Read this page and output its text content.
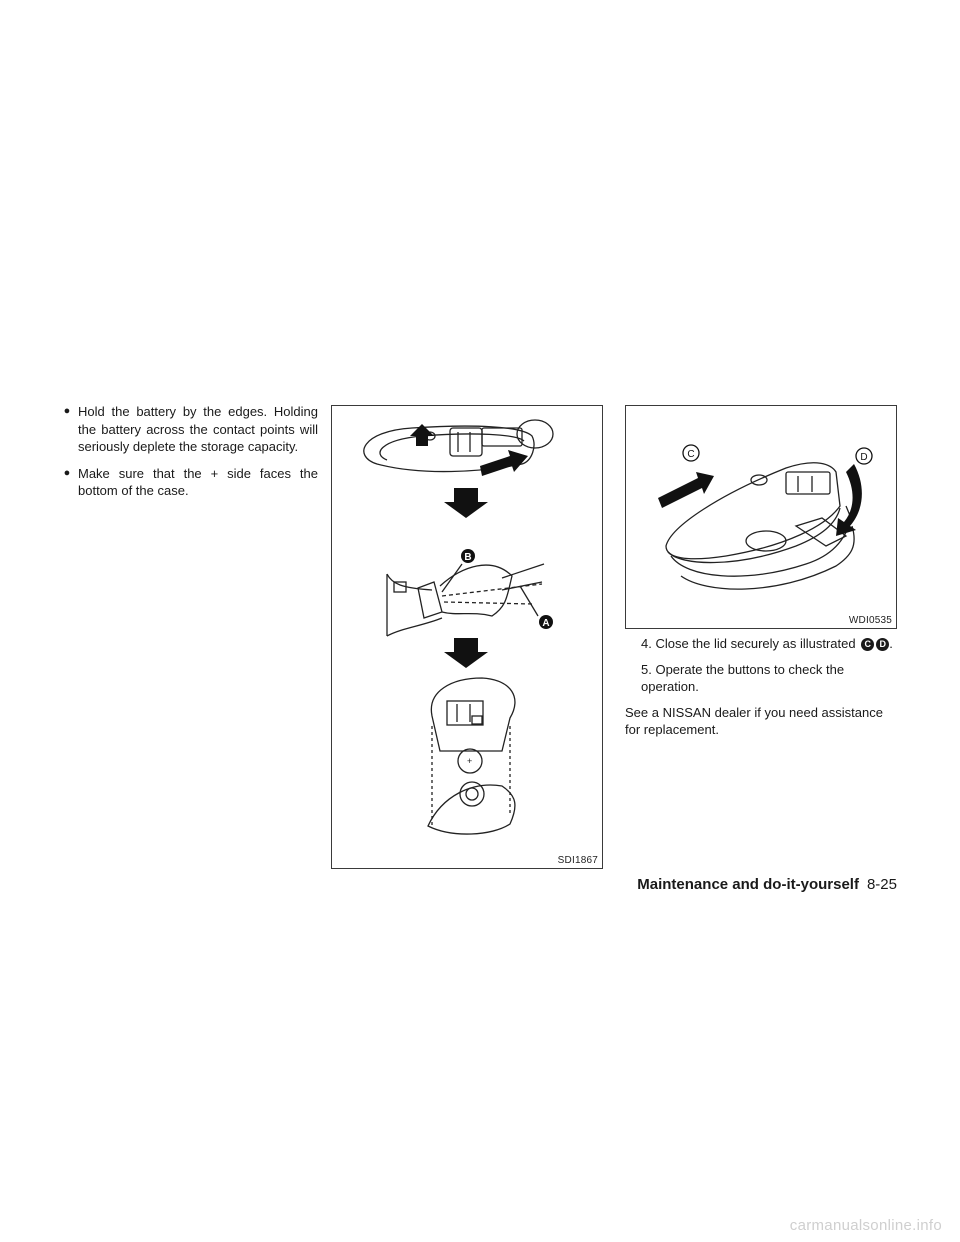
● Hold the battery by the edges. Holding the battery across the contact points will seriously deplete the storage capacity.
● Make sure that the + side faces the bottom of the case.
B
A
+
SDI1867
C	D
WDI0535
4. Close the lid securely as illustrated C D .
5. Operate the buttons to check the operation.
See a NISSAN dealer if you need assistance for replacement.
Maintenance and do-it-yourself 8-25
carmanualsonline.info
